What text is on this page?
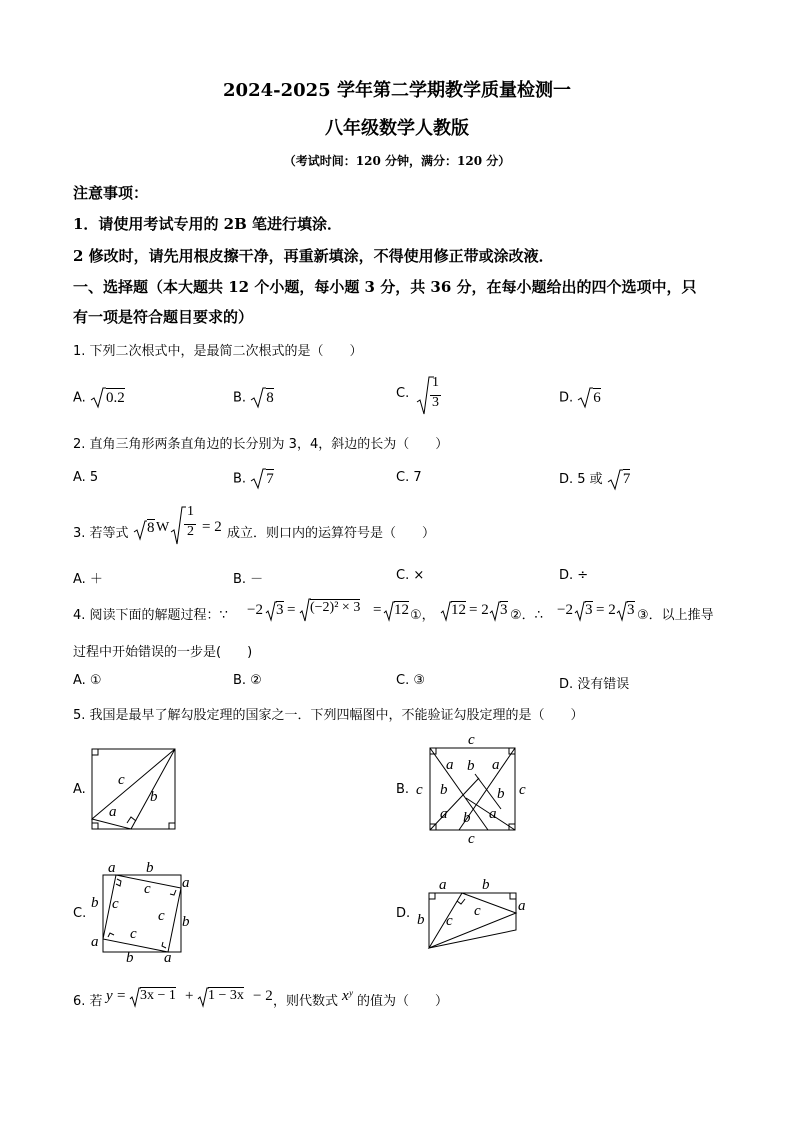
2024-2025 学年第二学期教学质量检测一
八年级数学人教版
（考试时间：120 分钟，满分：120 分）
注意事项：
1．请使用考试专用的 2B 笔进行填涂．
2 修改时，请先用根皮擦干净，再重新填涂，不得使用修正带或涂改液．
一、选择题（本大题共 12 个小题，每小题 3 分，共 36 分，在每小题给出的四个选项中，只
有一项是符合题目要求的）
1. 下列二次根式中，是最简二次根式的是（　　）
A. 0.2	B. 8	C.
1
3	D. 6
2. 直角三角形两条直角边的长分别为 3，4，斜边的长为（　　）
A. 5	B. 7	C. 7	D. 5 或 7
3. 若等式 8 W
1
2 = 2 成立．则口内的运算符号是（　　）
A. ＋	B. －	C. ×	D. ÷
4. 阅读下面的解题过程：∵ −2 3 = (−2)² × 3 = 12 ①， 12 = 2 3 ②．∴ −2 3 = 2 3 ③．以上推导
过程中开始错误的一步是(　　)
A. ①	B. ②	C. ③	D. 没有错误
5. 我国是最早了解勾股定理的国家之一．下列四幅图中，不能验证勾股定理的是（　　）
A.
c
b
a
B.
c
c	c
c
a b a
b	b
a b a
C.
a b
a
b
b
a
b a
c
c
c
c
D.
a b
b
a
c
c
6. 若 y = 3x − 1 + 1 − 3x − 2 ，则代数式 xʸ 的值为（　　）
